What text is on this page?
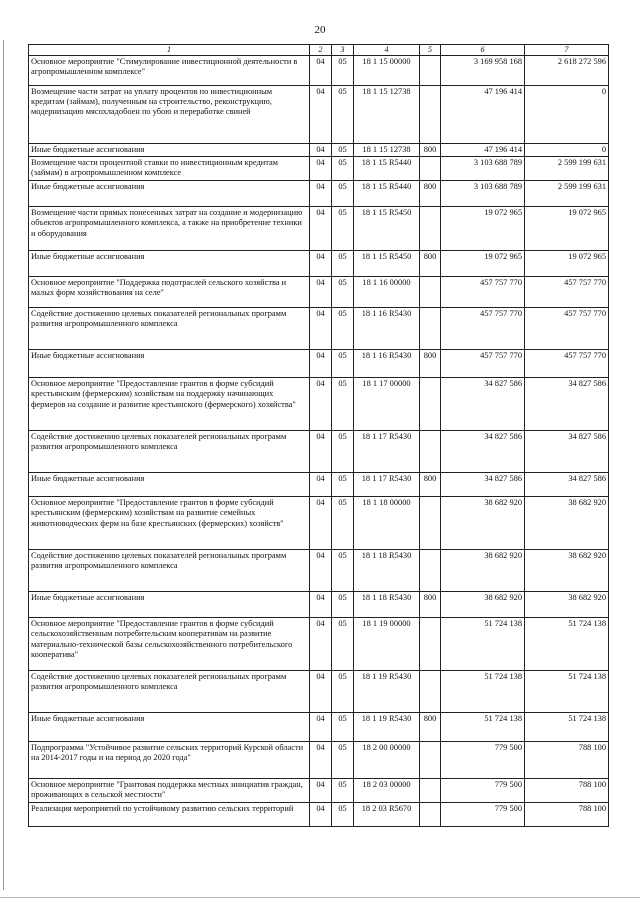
20
1	2	3	4	5	6	7
Основное мероприятие "Стимулирование инвестиционной деятельности в агропромышленном комплексе"	04	05	18 1 15 00000		3 169 958 168	2 618 272 596
Возмещение части затрат на уплату процентов по инвестиционным кредитам (займам), полученным на строительство, реконструкцию, модернизацию мясохладобоен по убою и переработке свиней	04	05	18 1 15 12738		47 196 414	0
Иные бюджетные ассигнования	04	05	18 1 15 12738	800	47 196 414	0
Возмещение части процентной ставки по инвестиционным кредитам (займам) в агропромышленном комплексе	04	05	18 1 15 R5440		3 103 688 789	2 599 199 631
Иные бюджетные ассигнования	04	05	18 1 15 R5440	800	3 103 688 789	2 599 199 631
Возмещение части прямых понесенных затрат на создание и модернизацию объектов агропромышленного комплекса, а также на приобретение техники и оборудования	04	05	18 1 15 R5450		19 072 965	19 072 965
Иные бюджетные ассигнования	04	05	18 1 15 R5450	800	19 072 965	19 072 965
Основное мероприятие "Поддержка подотраслей сельского хозяйства и малых форм хозяйствования на селе"	04	05	18 1 16 00000		457 757 770	457 757 770
Содействие достижению целевых показателей региональных программ развития агропромышленного комплекса	04	05	18 1 16 R5430		457 757 770	457 757 770
Иные бюджетные ассигнования	04	05	18 1 16 R5430	800	457 757 770	457 757 770
Основное мероприятие "Предоставление грантов в форме субсидий крестьянским (фермерским) хозяйствам на поддержку начинающих фермеров на создание и развитие крестьянского (фермерского) хозяйства"	04	05	18 1 17 00000		34 827 586	34 827 586
Содействие достижению целевых показателей региональных программ развития агропромышленного комплекса	04	05	18 1 17 R5430		34 827 586	34 827 586
Иные бюджетные ассигнования	04	05	18 1 17 R5430	800	34 827 586	34 827 586
Основное мероприятие "Предоставление грантов в форме субсидий крестьянским (фермерским) хозяйствам на развитие семейных животноводческих ферм на базе крестьянских (фермерских) хозяйств"	04	05	18 1 18 00000		38 682 920	38 682 920
Содействие достижению целевых показателей региональных программ развития агропромышленного комплекса	04	05	18 1 18 R5430		38 682 920	38 682 920
Иные бюджетные ассигнования	04	05	18 1 18 R5430	800	38 682 920	38 682 920
Основное мероприятие "Предоставление грантов в форме субсидий сельскохозяйственным потребительским кооперативам на развитие материально-технической базы сельскохозяйственного потребительского кооператива"	04	05	18 1 19 00000		51 724 138	51 724 138
Содействие достижению целевых показателей региональных программ развития агропромышленного комплекса	04	05	18 1 19 R5430		51 724 138	51 724 138
Иные бюджетные ассигнования	04	05	18 1 19 R5430	800	51 724 138	51 724 138
Подпрограмма "Устойчивое развитие сельских территорий Курской области на 2014-2017 годы и на период до 2020 года"	04	05	18 2 00 00000		779 500	788 100
Основное мероприятие "Грантовая поддержка местных инициатив граждан, проживающих в сельской местности"	04	05	18 2 03 00000		779 500	788 100
Реализация мероприятий по устойчивому развитию сельских территорий	04	05	18 2 03 R5670		779 500	788 100
